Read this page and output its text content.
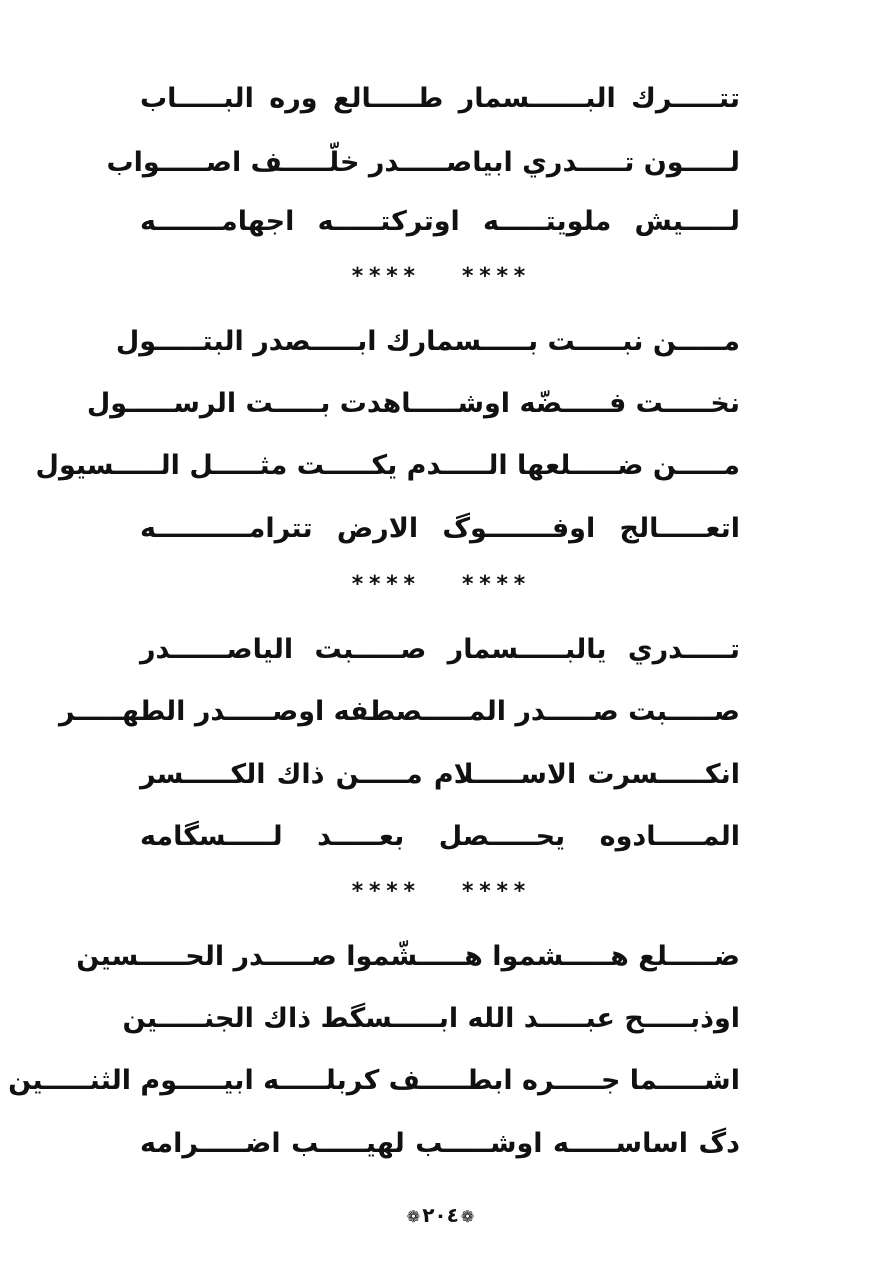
تتـــــرك البــــــسمار طـــــالع وره البـــــاب
لـــــون تـــــدري ابياصـــــدر خلّـــــف اصـــــواب
لـــــيش ملويتـــــه اوتركتـــــه اجهامـــــــه
**** ****
مـــــن نبـــــت بـــــسمارك ابـــــصدر البتـــــول
نخـــــت فـــــضّه اوشـــــاهدت بـــــت الرســـــول
مـــــن ضـــــلعها الـــــدم يكـــــت مثـــــل الـــــسيول
اتعـــــالج اوفـــــــوگ الارض تترامــــــــــه
**** ****
تـــــدري يالبـــــسمار صـــــبت الياصــــــدر
صـــــبت صـــــدر المـــــصطفه اوصـــــدر الطهـــــر
انكـــــسرت الاســـــلام مـــــن ذاك الكـــــسر
المـــــادوه يحـــــصل بعـــــد لـــــسگامه
**** ****
ضـــــلع هـــــشموا هـــــشّموا صـــــدر الحـــــسين
اوذبـــــح عبـــــد الله ابـــــسگط ذاك الجنـــــين
اشـــــما جـــــره ابطـــــف كربلـــــه ابيـــــوم الثنـــــين
دگ اساســـــه اوشـــــب لهيـــــب اضـــــرامه
❁ ٢٠٤ ❁
